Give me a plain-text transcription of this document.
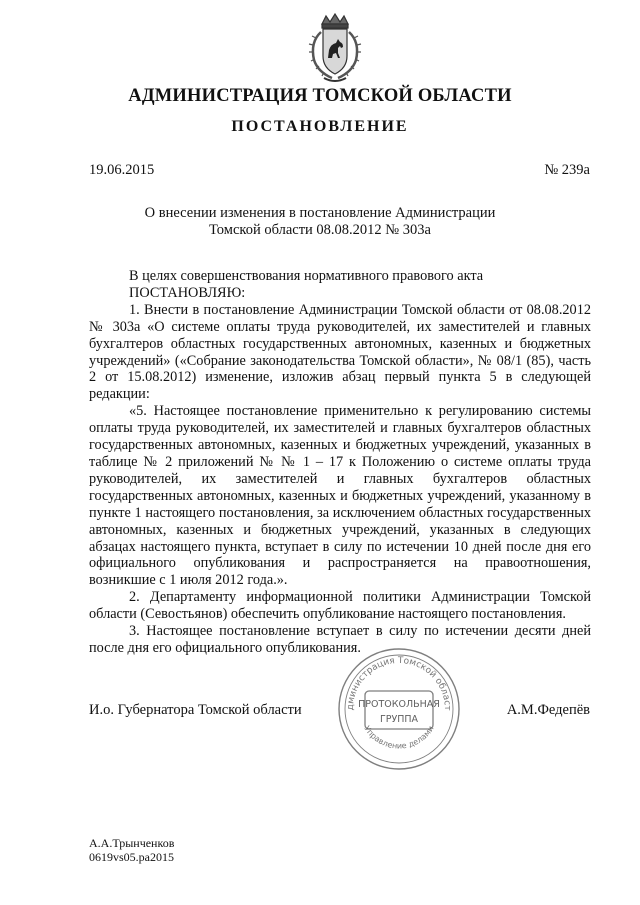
АДМИНИСТРАЦИЯ ТОМСКОЙ ОБЛАСТИ
ПОСТАНОВЛЕНИЕ
19.06.2015	№ 239а
О внесении изменения в постановление Администрации
Томской области 08.08.2012 № 303а

В целях совершенствования нормативного правового акта

ПОСТАНОВЛЯЮ:

1. Внести в постановление Администрации Томской области от 08.08.2012 № 303а «О системе оплаты труда руководителей, их заместителей и главных бухгалтеров областных государственных автономных, казенных и бюджетных учреждений» («Собрание законодательства Томской области», № 08/1 (85), часть 2 от 15.08.2012) изменение, изложив абзац первый пункта 5 в следующей редакции:

«5. Настоящее постановление применительно к регулированию системы оплаты труда руководителей, их заместителей и главных бухгалтеров областных государственных автономных, казенных и бюджетных учреждений, указанных в таблице № 2 приложений № № 1 – 17 к Положению о системе оплаты труда руководителей, их заместителей и главных бухгалтеров областных государственных автономных, казенных и бюджетных учреждений, указанному в пункте 1 настоящего постановления, за исключением областных государственных автономных, казенных и бюджетных учреждений, указанных в следующих абзацах настоящего пункта, вступает в силу по истечении 10 дней после дня его официального опубликования и распространяется на правоотношения, возникшие с 1 июля 2012 года.».

2. Департаменту информационной политики Администрации Томской области (Севостьянов) обеспечить опубликование настоящего постановления.

3. Настоящее постановление вступает в силу по истечении десяти дней после дня его официального опубликования.

дминистрация Томской област
Управление делами
ПРОТОКОЛЬНАЯ
ГРУППА
И.о. Губернатора Томской области	А.М.Федепёв
А.А.Трынченков
0619vs05.pa2015
